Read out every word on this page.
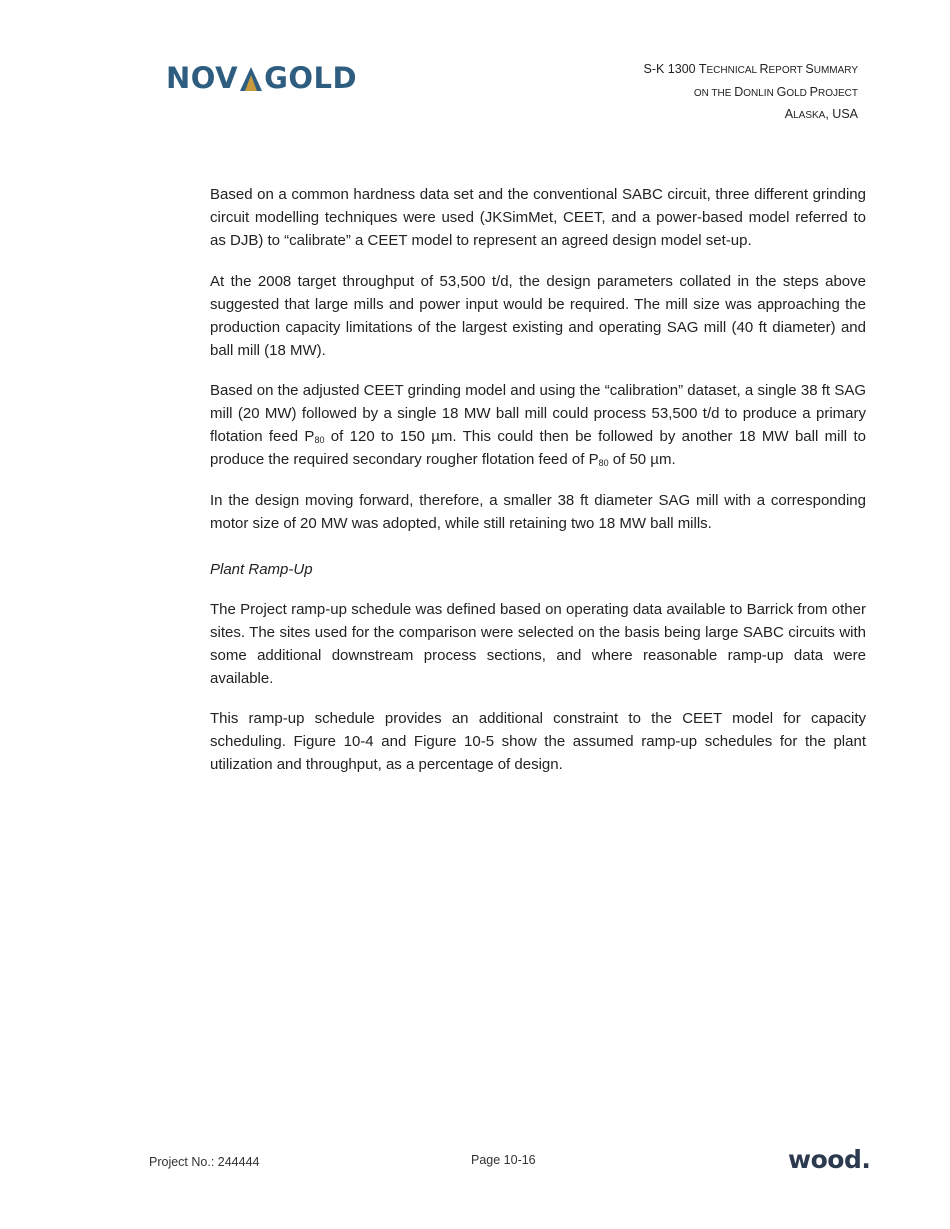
NOV GOLD	S-K 1300 TECHNICAL REPORT SUMMARY
ON THE DONLIN GOLD PROJECT
ALASKA, USA

Based on a common hardness data set and the conventional SABC circuit, three different grinding circuit modelling techniques were used (JKSimMet, CEET, and a power-based model referred to as DJB) to “calibrate” a CEET model to represent an agreed design model set-up.

At the 2008 target throughput of 53,500 t/d, the design parameters collated in the steps above suggested that large mills and power input would be required. The mill size was approaching the production capacity limitations of the largest existing and operating SAG mill (40 ft diameter) and ball mill (18 MW).

Based on the adjusted CEET grinding model and using the “calibration” dataset, a single 38 ft SAG mill (20 MW) followed by a single 18 MW ball mill could process 53,500 t/d to produce a primary flotation feed $P_{80}$ of 120 to 150 µm. This could then be followed by another 18 MW ball mill to produce the required secondary rougher flotation feed of $P_{80}$ of 50 µm.

In the design moving forward, therefore, a smaller 38 ft diameter SAG mill with a corresponding motor size of 20 MW was adopted, while still retaining two 18 MW ball mills.

Plant Ramp-Up

The Project ramp-up schedule was defined based on operating data available to Barrick from other sites. The sites used for the comparison were selected on the basis being large SABC circuits with some additional downstream process sections, and where reasonable ramp-up data were available.

This ramp-up schedule provides an additional constraint to the CEET model for capacity scheduling. Figure 10-4 and Figure 10-5 show the assumed ramp-up schedules for the plant utilization and throughput, as a percentage of design.

Project No.: 244444	Page 10-16	wood.
